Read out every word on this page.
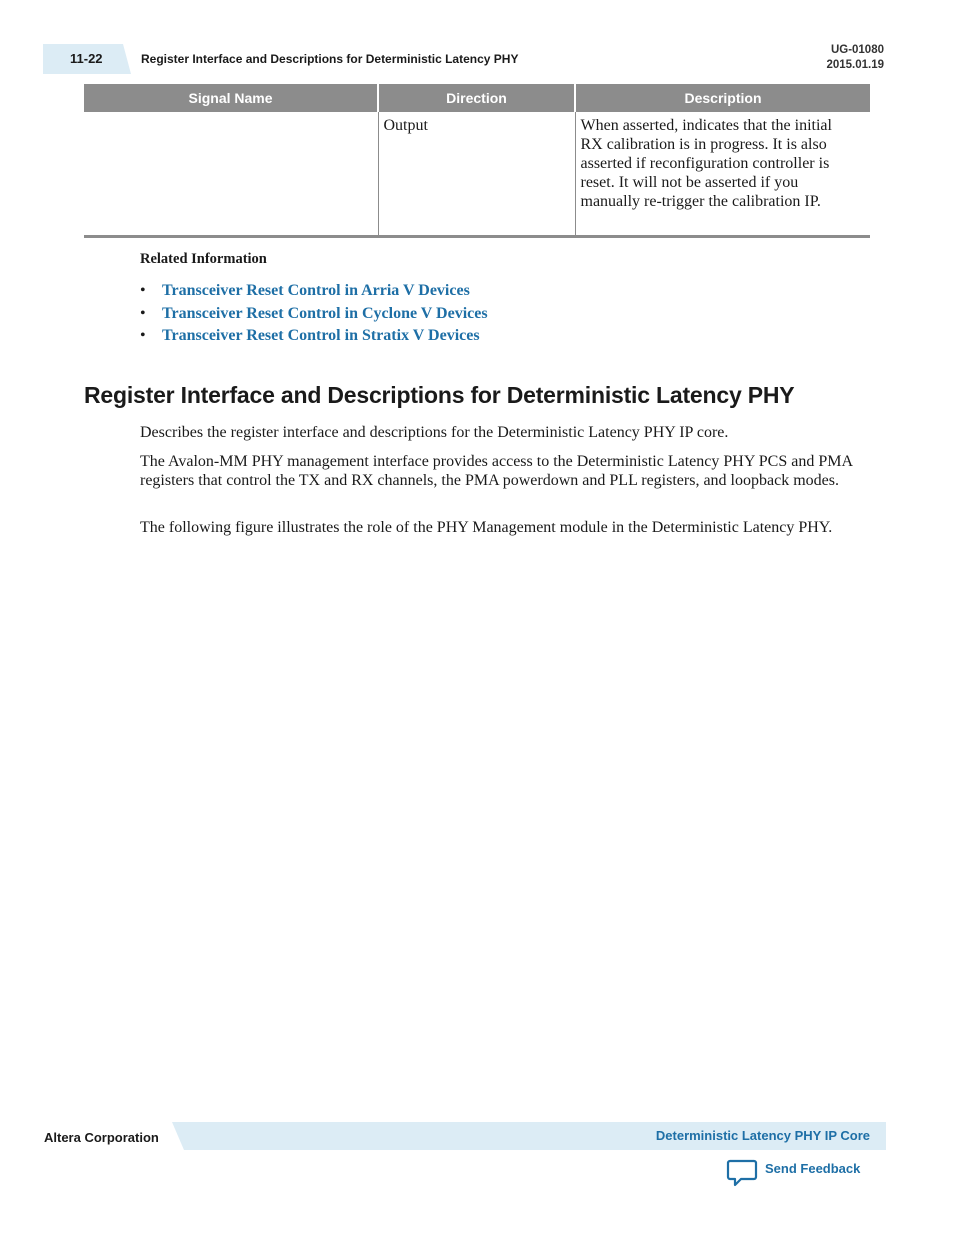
11-22	Register Interface and Descriptions for Deterministic Latency PHY
UG-01080
2015.01.19
Signal Name	Direction	Description
	Output	When asserted, indicates that the initial RX calibration is in progress. It is also asserted if reconfiguration controller is reset. It will not be asserted if you manually re-trigger the calibration IP.
Related Information
• Transceiver Reset Control in Arria V Devices
• Transceiver Reset Control in Cyclone V Devices
• Transceiver Reset Control in Stratix V Devices
Register Interface and Descriptions for Deterministic Latency PHY

Describes the register interface and descriptions for the Deterministic Latency PHY IP core.

The Avalon-MM PHY management interface provides access to the Deterministic Latency PHY PCS and PMA registers that control the TX and RX channels, the PMA powerdown and PLL registers, and loopback modes.

The following figure illustrates the role of the PHY Management module in the Deterministic Latency PHY.

Altera Corporation	Deterministic Latency PHY IP Core
Send Feedback
